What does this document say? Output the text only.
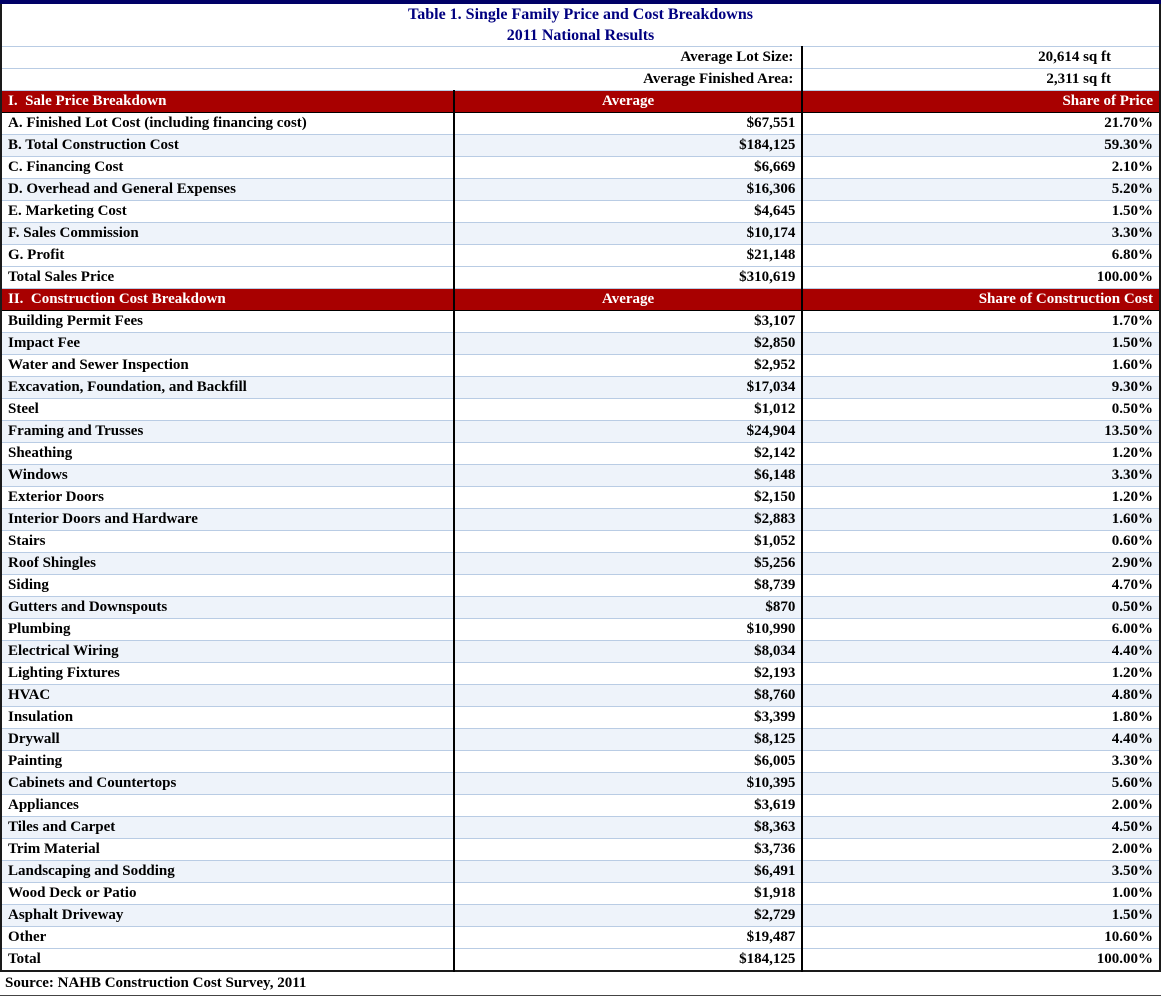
Table 1. Single Family Price and Cost Breakdowns		
2011 National Results		
Average Lot Size:		20,614 sq ft
Average Finished Area:		2,311 sq ft
I.  Sale Price Breakdown	Average	Share of Price
A. Finished Lot Cost (including financing cost)	$67,551	21.70%
B. Total Construction Cost	$184,125	59.30%
C. Financing Cost	$6,669	2.10%
D. Overhead and General Expenses	$16,306	5.20%
E. Marketing Cost	$4,645	1.50%
F. Sales Commission	$10,174	3.30%
G. Profit	$21,148	6.80%
Total Sales Price	$310,619	100.00%
II.  Construction Cost Breakdown	Average	Share of Construction Cost
Building Permit Fees	$3,107	1.70%
Impact Fee	$2,850	1.50%
Water and Sewer Inspection	$2,952	1.60%
Excavation, Foundation, and Backfill	$17,034	9.30%
Steel	$1,012	0.50%
Framing and Trusses	$24,904	13.50%
Sheathing	$2,142	1.20%
Windows	$6,148	3.30%
Exterior Doors	$2,150	1.20%
Interior Doors and Hardware	$2,883	1.60%
Stairs	$1,052	0.60%
Roof Shingles	$5,256	2.90%
Siding	$8,739	4.70%
Gutters and Downspouts	$870	0.50%
Plumbing	$10,990	6.00%
Electrical Wiring	$8,034	4.40%
Lighting Fixtures	$2,193	1.20%
HVAC	$8,760	4.80%
Insulation	$3,399	1.80%
Drywall	$8,125	4.40%
Painting	$6,005	3.30%
Cabinets and Countertops	$10,395	5.60%
Appliances	$3,619	2.00%
Tiles and Carpet	$8,363	4.50%
Trim Material	$3,736	2.00%
Landscaping and Sodding	$6,491	3.50%
Wood Deck or Patio	$1,918	1.00%
Asphalt Driveway	$2,729	1.50%
Other	$19,487	10.60%
Total	$184,125	100.00%
Source: NAHB Construction Cost Survey, 2011
